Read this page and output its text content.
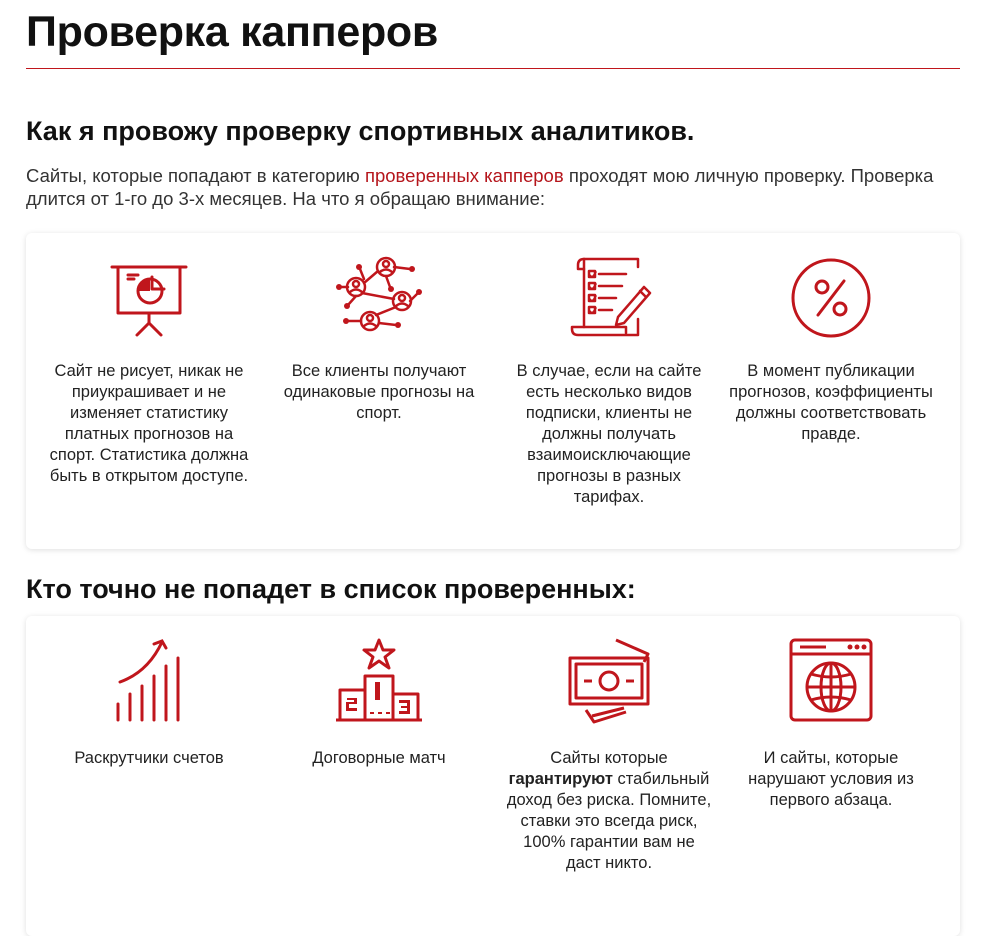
Проверка капперов
Как я провожу проверку спортивных аналитиков.

Сайты, которые попадают в категорию проверенных капперов проходят мою личную проверку. Проверка длится от 1-го до 3-х месяцев. На что я обращаю внимание:

Сайт не рисует, никак не приукрашивает и не изменяет статистику платных прогнозов на спорт. Статистика должна быть в открытом доступе.

Все клиенты получают одинаковые прогнозы на спорт.

В случае, если на сайте есть несколько видов подписки, клиенты не должны получать взаимоисключающие прогнозы в разных тарифах.

В момент публикации прогнозов, коэффициенты должны соответствовать правде.

Кто точно не попадет в список проверенных:

Раскрутчики счетов	Договорные матч	Сайты которые гарантируют стабильный доход без риска. Помните, ставки это всегда риск, 100% гарантии вам не даст никто.

И сайты, которые нарушают условия из первого абзаца.
